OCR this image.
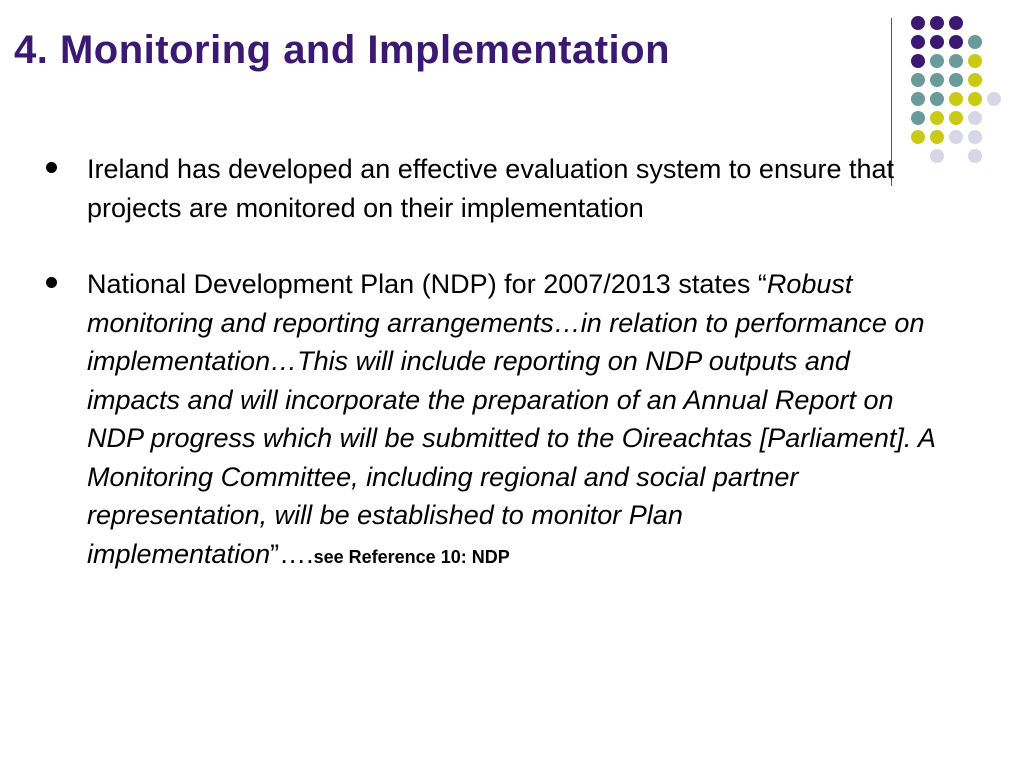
4. Monitoring and Implementation
Ireland has developed an effective evaluation system to ensure that projects are monitored on their implementation
National Development Plan (NDP) for 2007/2013 states “Robust monitoring and reporting arrangements…in relation to performance on implementation…This will include reporting on NDP outputs and impacts and will incorporate the preparation of an Annual Report on NDP progress which will be submitted to the Oireachtas [Parliament]. A Monitoring Committee, including regional and social partner representation, will be established to monitor Plan implementation”….see Reference 10: NDP
